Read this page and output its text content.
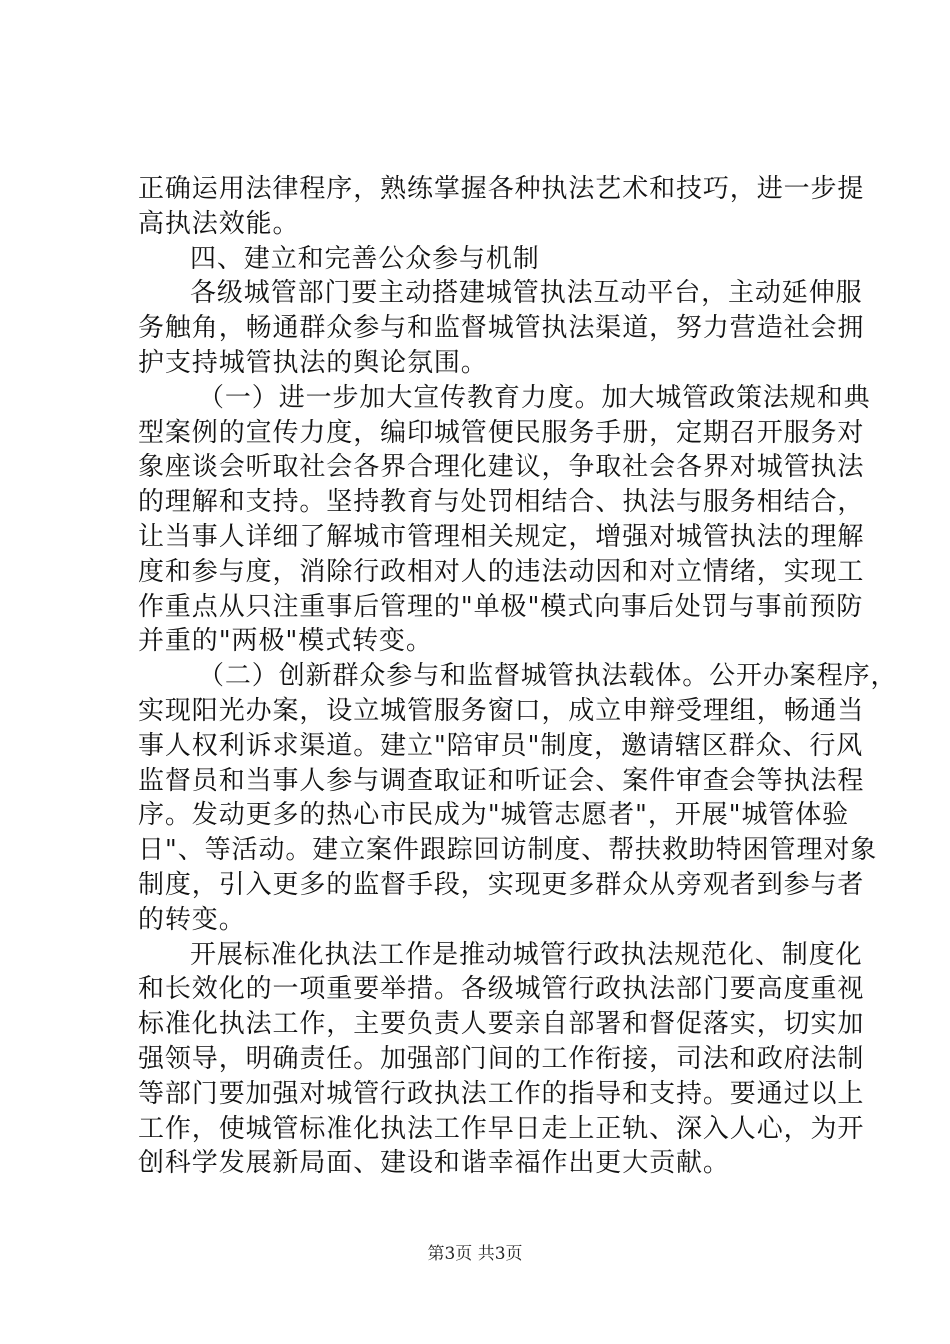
正确运用法律程序，熟练掌握各种执法艺术和技巧，进一步提
高执法效能。
四、建立和完善公众参与机制
各级城管部门要主动搭建城管执法互动平台，主动延伸服
务触角，畅通群众参与和监督城管执法渠道，努力营造社会拥
护支持城管执法的舆论氛围。
（一）进一步加大宣传教育力度。加大城管政策法规和典
型案例的宣传力度，编印城管便民服务手册，定期召开服务对
象座谈会听取社会各界合理化建议，争取社会各界对城管执法
的理解和支持。坚持教育与处罚相结合、执法与服务相结合，
让当事人详细了解城市管理相关规定，增强对城管执法的理解
度和参与度，消除行政相对人的违法动因和对立情绪，实现工
作重点从只注重事后管理的"单极"模式向事后处罚与事前预防
并重的"两极"模式转变。
（二）创新群众参与和监督城管执法载体。公开办案程序，
实现阳光办案，设立城管服务窗口，成立申辩受理组，畅通当
事人权利诉求渠道。建立"陪审员"制度，邀请辖区群众、行风
监督员和当事人参与调查取证和听证会、案件审查会等执法程
序。发动更多的热心市民成为"城管志愿者"，开展"城管体验
日"、等活动。建立案件跟踪回访制度、帮扶救助特困管理对象
制度，引入更多的监督手段，实现更多群众从旁观者到参与者
的转变。
开展标准化执法工作是推动城管行政执法规范化、制度化
和长效化的一项重要举措。各级城管行政执法部门要高度重视
标准化执法工作，主要负责人要亲自部署和督促落实，切实加
强领导，明确责任。加强部门间的工作衔接，司法和政府法制
等部门要加强对城管行政执法工作的指导和支持。要通过以上
工作，使城管标准化执法工作早日走上正轨、深入人心，为开
创科学发展新局面、建设和谐幸福作出更大贡献。
第3页 共3页
